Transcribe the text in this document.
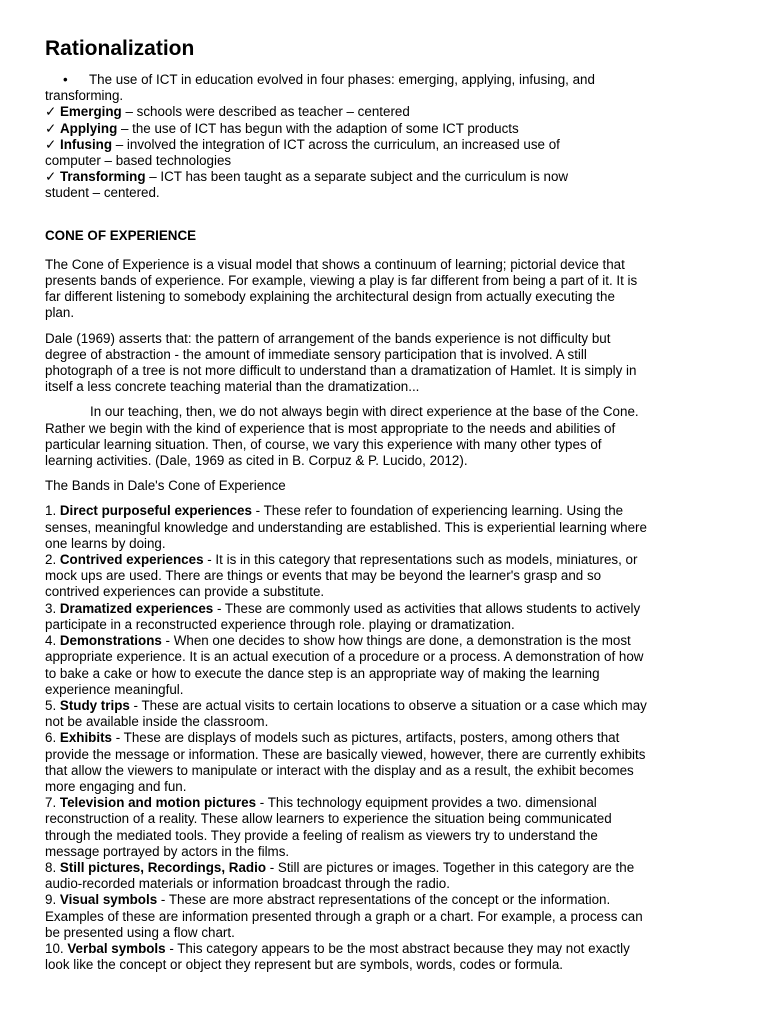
Rationalization
• The use of ICT in education evolved in four phases: emerging, applying, infusing, and
transforming.
✓ Emerging – schools were described as teacher – centered
✓ Applying – the use of ICT has begun with the adaption of some ICT products
✓ Infusing – involved the integration of ICT across the curriculum, an increased use of
computer – based technologies
✓ Transforming – ICT has been taught as a separate subject and the curriculum is now
student – centered.
CONE OF EXPERIENCE
The Cone of Experience is a visual model that shows a continuum of learning; pictorial device that
presents bands of experience. For example, viewing a play is far different from being a part of it. It is
far different listening to somebody explaining the architectural design from actually executing the
plan.
Dale (1969) asserts that: the pattern of arrangement of the bands experience is not difficulty but
degree of abstraction - the amount of immediate sensory participation that is involved. A still
photograph of a tree is not more difficult to understand than a dramatization of Hamlet. It is simply in
itself a less concrete teaching material than the dramatization...
In our teaching, then, we do not always begin with direct experience at the base of the Cone.
Rather we begin with the kind of experience that is most appropriate to the needs and abilities of
particular learning situation. Then, of course, we vary this experience with many other types of
learning activities. (Dale, 1969 as cited in B. Corpuz & P. Lucido, 2012).
The Bands in Dale's Cone of Experience
1. Direct purposeful experiences - These refer to foundation of experiencing learning. Using the
senses, meaningful knowledge and understanding are established. This is experiential learning where
one learns by doing.
2. Contrived experiences - It is in this category that representations such as models, miniatures, or
mock ups are used. There are things or events that may be beyond the learner's grasp and so
contrived experiences can provide a substitute.
3. Dramatized experiences - These are commonly used as activities that allows students to actively
participate in a reconstructed experience through role. playing or dramatization.
4. Demonstrations - When one decides to show how things are done, a demonstration is the most
appropriate experience. It is an actual execution of a procedure or a process. A demonstration of how
to bake a cake or how to execute the dance step is an appropriate way of making the learning
experience meaningful.
5. Study trips - These are actual visits to certain locations to observe a situation or a case which may
not be available inside the classroom.
6. Exhibits - These are displays of models such as pictures, artifacts, posters, among others that
provide the message or information. These are basically viewed, however, there are currently exhibits
that allow the viewers to manipulate or interact with the display and as a result, the exhibit becomes
more engaging and fun.
7. Television and motion pictures - This technology equipment provides a two. dimensional
reconstruction of a reality. These allow learners to experience the situation being communicated
through the mediated tools. They provide a feeling of realism as viewers try to understand the
message portrayed by actors in the films.
8. Still pictures, Recordings, Radio - Still are pictures or images. Together in this category are the
audio-recorded materials or information broadcast through the radio.
9. Visual symbols - These are more abstract representations of the concept or the information.
Examples of these are information presented through a graph or a chart. For example, a process can
be presented using a flow chart.
10. Verbal symbols - This category appears to be the most abstract because they may not exactly
look like the concept or object they represent but are symbols, words, codes or formula.
